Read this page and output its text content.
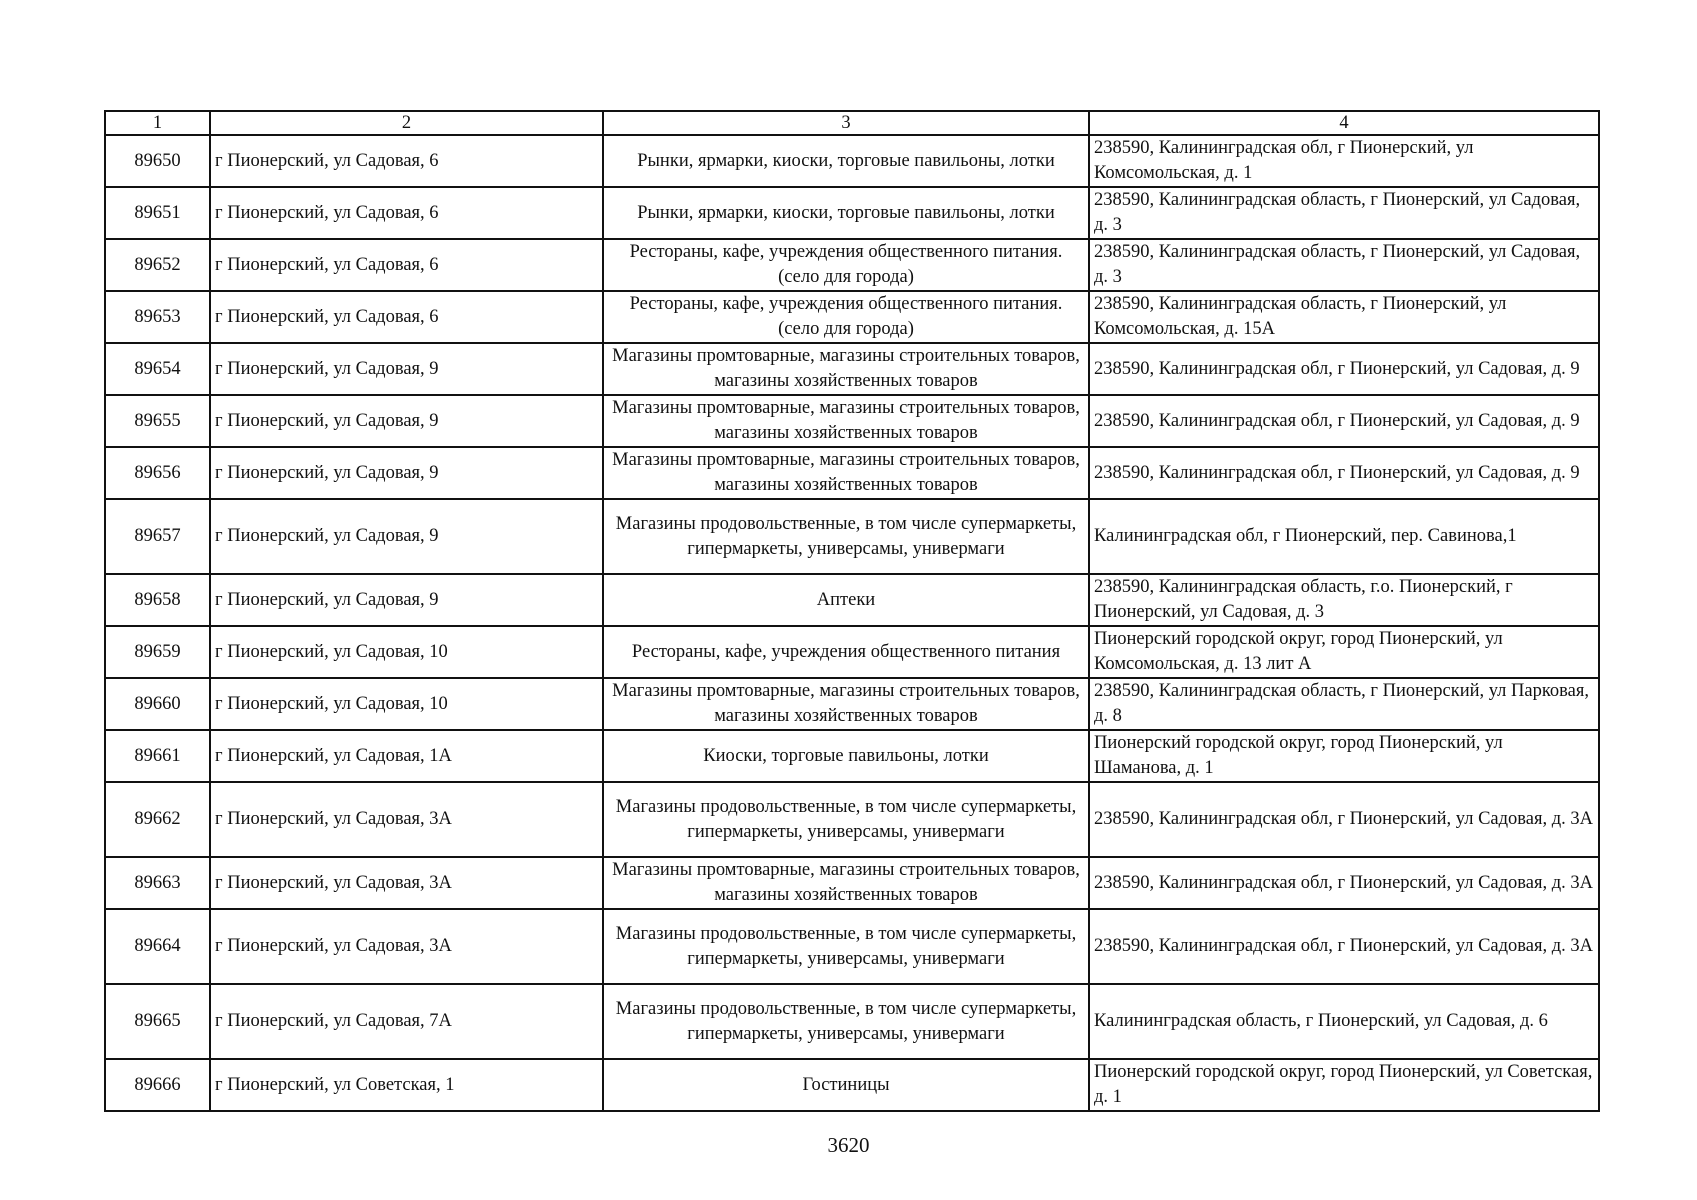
1	2	3	4
89650	г Пионерский, ул Садовая, 6	Рынки, ярмарки, киоски, торговые павильоны, лотки	238590, Калининградская обл, г Пионерский, ул Комсомольская, д. 1
89651	г Пионерский, ул Садовая, 6	Рынки, ярмарки, киоски, торговые павильоны, лотки	238590, Калининградская область, г Пионерский, ул Садовая, д. 3
89652	г Пионерский, ул Садовая, 6	Рестораны, кафе, учреждения общественного питания. (село для города)	238590, Калининградская область, г Пионерский, ул Садовая, д. 3
89653	г Пионерский, ул Садовая, 6	Рестораны, кафе, учреждения общественного питания. (село для города)	238590, Калининградская область, г Пионерский, ул Комсомольская, д. 15А
89654	г Пионерский, ул Садовая, 9	Магазины промтоварные, магазины строительных товаров, магазины хозяйственных товаров	238590, Калининградская обл, г Пионерский, ул Садовая, д. 9
89655	г Пионерский, ул Садовая, 9	Магазины промтоварные, магазины строительных товаров, магазины хозяйственных товаров	238590, Калининградская обл, г Пионерский, ул Садовая, д. 9
89656	г Пионерский, ул Садовая, 9	Магазины промтоварные, магазины строительных товаров, магазины хозяйственных товаров	238590, Калининградская обл, г Пионерский, ул Садовая, д. 9
89657	г Пионерский, ул Садовая, 9	Магазины продовольственные, в том числе супермаркеты, гипермаркеты, универсамы, универмаги	Калининградская обл, г Пионерский, пер. Савинова,1
89658	г Пионерский, ул Садовая, 9	Аптеки	238590, Калининградская область, г.о. Пионерский, г Пионерский, ул Садовая, д. 3
89659	г Пионерский, ул Садовая, 10	Рестораны, кафе, учреждения общественного питания	Пионерский городской округ, город Пионерский, ул Комсомольская, д. 13 лит А
89660	г Пионерский, ул Садовая, 10	Магазины промтоварные, магазины строительных товаров, магазины хозяйственных товаров	238590, Калининградская область, г Пионерский, ул Парковая, д. 8
89661	г Пионерский, ул Садовая, 1А	Киоски, торговые павильоны, лотки	Пионерский городской округ, город Пионерский, ул Шаманова, д. 1
89662	г Пионерский, ул Садовая, 3А	Магазины продовольственные, в том числе супермаркеты, гипермаркеты, универсамы, универмаги	238590, Калининградская обл, г Пионерский, ул Садовая, д. 3А
89663	г Пионерский, ул Садовая, 3А	Магазины промтоварные, магазины строительных товаров, магазины хозяйственных товаров	238590, Калининградская обл, г Пионерский, ул Садовая, д. 3А
89664	г Пионерский, ул Садовая, 3А	Магазины продовольственные, в том числе супермаркеты, гипермаркеты, универсамы, универмаги	238590, Калининградская обл, г Пионерский, ул Садовая, д. 3А
89665	г Пионерский, ул Садовая, 7А	Магазины продовольственные, в том числе супермаркеты, гипермаркеты, универсамы, универмаги	Калининградская область, г Пионерский, ул Садовая, д. 6
89666	г Пионерский, ул Советская, 1	Гостиницы	Пионерский городской округ, город Пионерский, ул Советская, д. 1
3620
